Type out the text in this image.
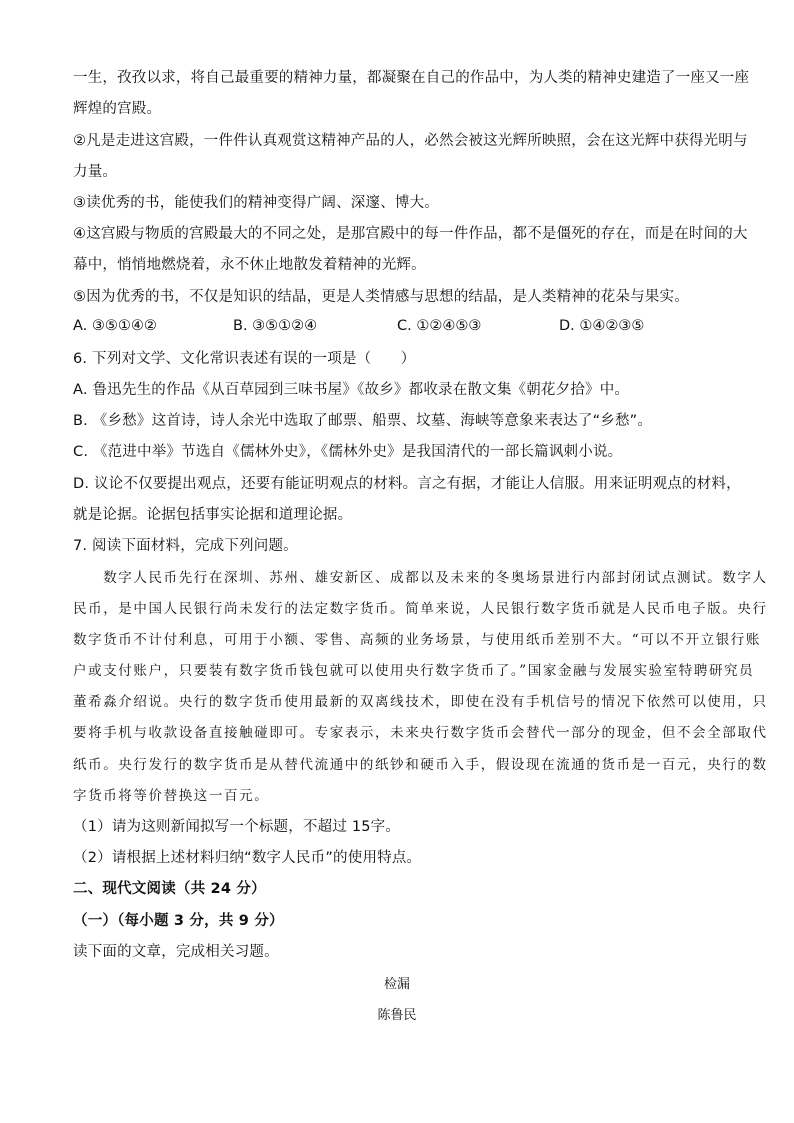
一生，孜孜以求，将自己最重要的精神力量，都凝聚在自己的作品中，为人类的精神史建造了一座又一座
辉煌的宫殿。
②凡是走进这宫殿，一件件认真观赏这精神产品的人，必然会被这光辉所映照，会在这光辉中获得光明与
力量。
③读优秀的书，能使我们的精神变得广阔、深邃、博大。
④这宫殿与物质的宫殿最大的不同之处，是那宫殿中的每一件作品，都不是僵死的存在，而是在时间的大
幕中，悄悄地燃烧着，永不休止地散发着精神的光辉。
⑤因为优秀的书，不仅是知识的结晶，更是人类情感与思想的结晶，是人类精神的花朵与果实。
A. ③⑤①④②	B. ③⑤①②④	C. ①②④⑤③	D. ①④②③⑤
6. 下列对文学、文化常识表述有误的一项是（　　）
A. 鲁迅先生的作品《从百草园到三味书屋》《故乡》都收录在散文集《朝花夕拾》中。
B. 《乡愁》这首诗，诗人余光中选取了邮票、船票、坟墓、海峡等意象来表达了“乡愁”。
C. 《范进中举》节选自《儒林外史》，《儒林外史》是我国清代的一部长篇讽刺小说。
D. 议论不仅要提出观点，还要有能证明观点的材料。言之有据，才能让人信服。用来证明观点的材料，
就是论据。论据包括事实论据和道理论据。
7. 阅读下面材料，完成下列问题。
　　数字人民币先行在深圳、苏州、雄安新区、成都以及未来的冬奥场景进行内部封闭试点测试。数字人
民币，是中国人民银行尚未发行的法定数字货币。简单来说，人民银行数字货币就是人民币电子版。央行
数字货币不计付利息，可用于小额、零售、高频的业务场景，与使用纸币差别不大。“可以不开立银行账
户或支付账户，只要装有数字货币钱包就可以使用央行数字货币了。”国家金融与发展实验室特聘研究员
董希淼介绍说。央行的数字货币使用最新的双离线技术，即使在没有手机信号的情况下依然可以使用，只
要将手机与收款设备直接触碰即可。专家表示，未来央行数字货币会替代一部分的现金，但不会全部取代
纸币。央行发行的数字货币是从替代流通中的纸钞和硬币入手，假设现在流通的货币是一百元，央行的数
字货币将等价替换这一百元。
（1）请为这则新闻拟写一个标题，不超过 15字。
（2）请根据上述材料归纳“数字人民币”的使用特点。
二、现代文阅读（共 24 分）
（一）（每小题 3 分，共 9 分）
读下面的文章，完成相关习题。
检漏
陈鲁民
